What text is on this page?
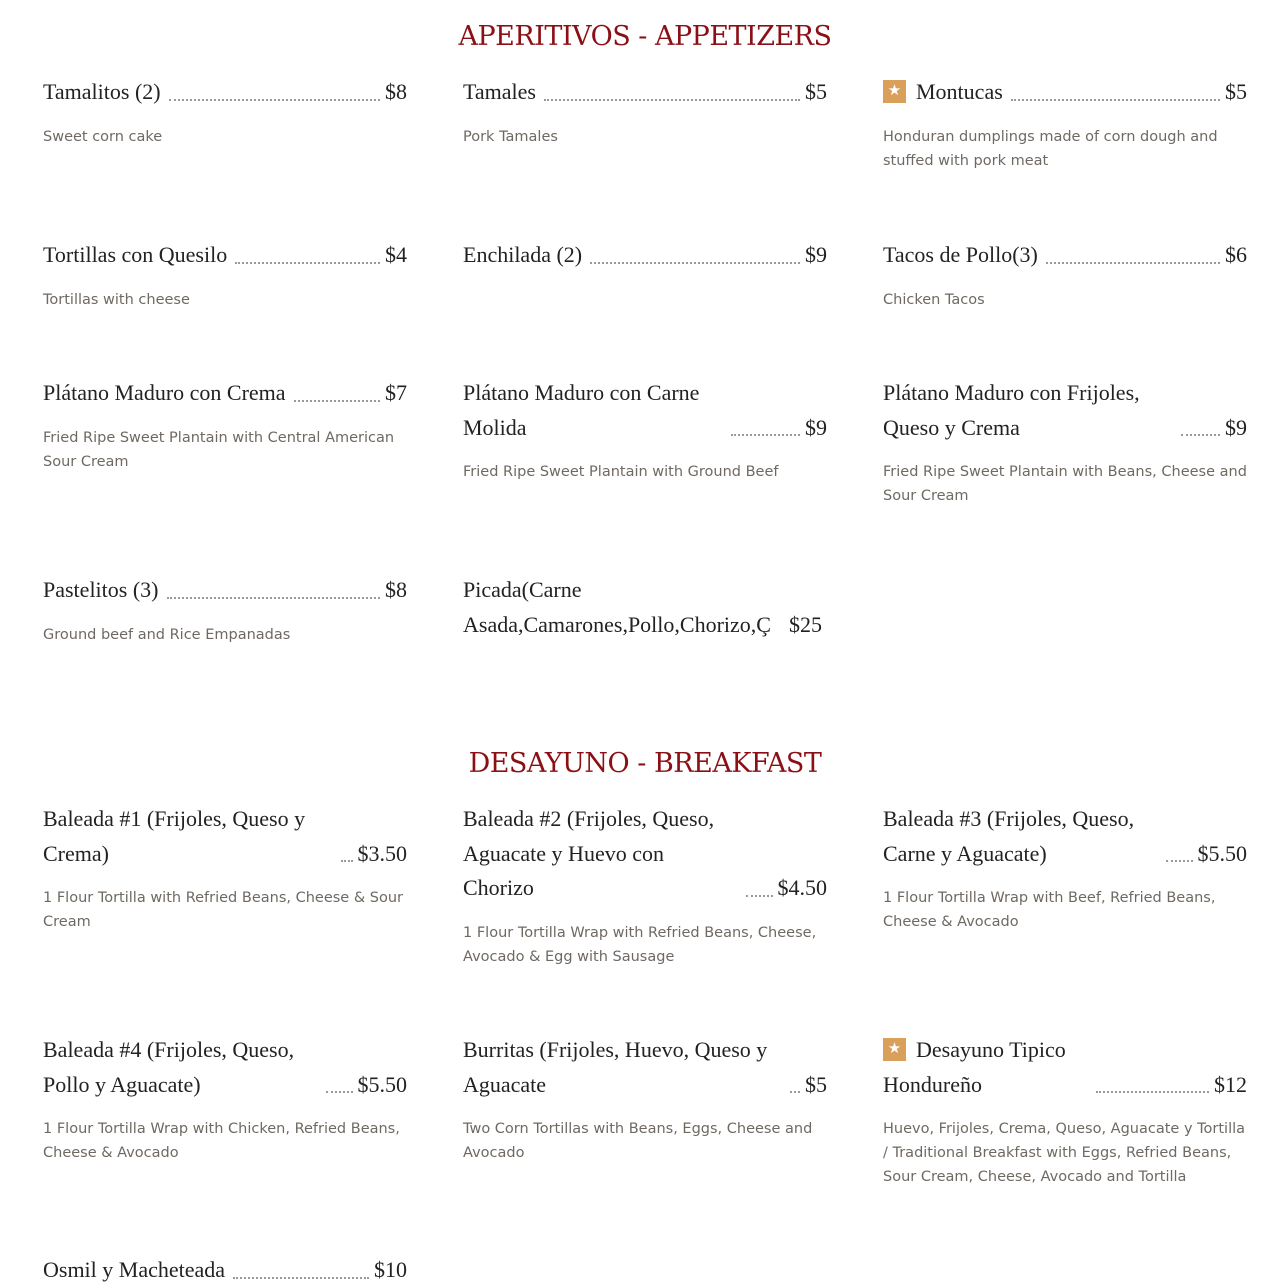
APERITIVOS - APPETIZERS
Tamalitos (2)	$8
Sweet corn cake
Tamales	$5
Pork Tamales
★ Montucas	$5
Honduran dumplings made of corn dough and stuffed with pork meat
Tortillas con Quesilo	$4
Tortillas with cheese
Enchilada (2)	$9	Tacos de Pollo(3)	$6
Chicken Tacos
Plátano Maduro con Crema	$7
Fried Ripe Sweet Plantain with Central American Sour Cream
Plátano Maduro con Carne Molida	$9
Fried Ripe Sweet Plantain with Ground Beef
Plátano Maduro con Frijoles, Queso y Crema	$9
Fried Ripe Sweet Plantain with Beans, Cheese and Sour Cream
Pastelitos (3)	$8
Ground beef and Rice Empanadas
Picada(Carne
Asada,Camarones,Pollo,Chorizo,Ç $25
DESAYUNO - BREAKFAST
Baleada #1 (Frijoles, Queso y Crema)	$3.50
1 Flour Tortilla with Refried Beans, Cheese & Sour Cream
Baleada #2 (Frijoles, Queso, Aguacate y Huevo con Chorizo	$4.50
1 Flour Tortilla Wrap with Refried Beans, Cheese, Avocado & Egg with Sausage
Baleada #3 (Frijoles, Queso, Carne y Aguacate)	$5.50
1 Flour Tortilla Wrap with Beef, Refried Beans, Cheese & Avocado
Baleada #4 (Frijoles, Queso, Pollo y Aguacate)	$5.50
1 Flour Tortilla Wrap with Chicken, Refried Beans, Cheese & Avocado
Burritas (Frijoles, Huevo, Queso y Aguacate	$5
Two Corn Tortillas with Beans, Eggs, Cheese and Avocado
★ Desayuno Tipico Hondureño	$12
Huevo, Frijoles, Crema, Queso, Aguacate y Tortilla / Traditional Breakfast with Eggs, Refried Beans, Sour Cream, Cheese, Avocado and Tortilla
Osmil y Macheteada	$10
